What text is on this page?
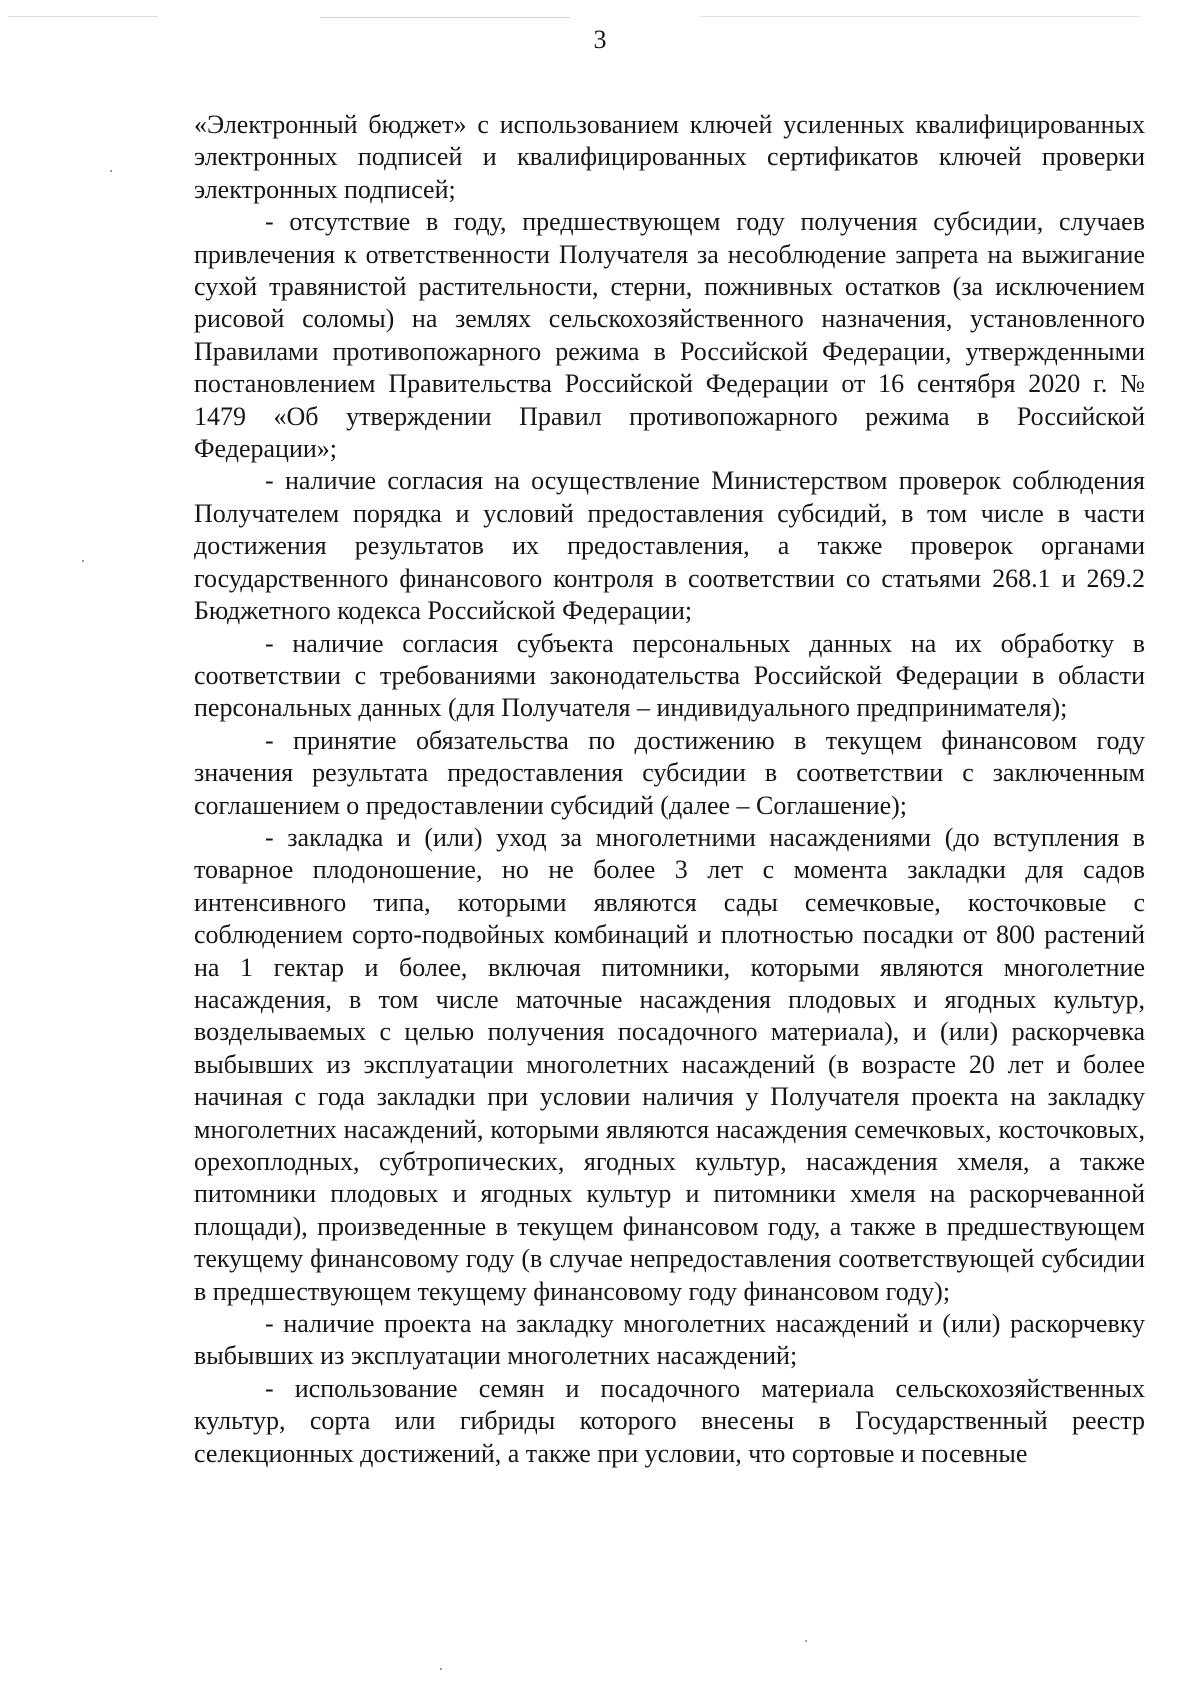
3

«Электронный бюджет» с использованием ключей усиленных квалифицированных электронных подписей и квалифицированных сертификатов ключей проверки электронных подписей;

- отсутствие в году, предшествующем году получения субсидии, случаев привлечения к ответственности Получателя за несоблюдение запрета на выжигание сухой травянистой растительности, стерни, пожнивных остатков (за исключением рисовой соломы) на землях сельскохозяйственного назначения, установленного Правилами противопожарного режима в Российской Федерации, утвержденными постановлением Правительства Российской Федерации от 16 сентября 2020 г. № 1479 «Об утверждении Правил противопожарного режима в Российской Федерации»;

- наличие согласия на осуществление Министерством проверок соблюдения Получателем порядка и условий предоставления субсидий, в том числе в части достижения результатов их предоставления, а также проверок органами государственного финансового контроля в соответствии со статьями 268.1 и 269.2 Бюджетного кодекса Российской Федерации;

- наличие согласия субъекта персональных данных на их обработку в соответствии с требованиями законодательства Российской Федерации в области персональных данных (для Получателя – индивидуального предпринимателя);

- принятие обязательства по достижению в текущем финансовом году значения результата предоставления субсидии в соответствии с заключенным соглашением о предоставлении субсидий (далее – Соглашение);

- закладка и (или) уход за многолетними насаждениями (до вступления в товарное плодоношение, но не более 3 лет с момента закладки для садов интенсивного типа, которыми являются сады семечковые, косточковые с соблюдением сорто-подвойных комбинаций и плотностью посадки от 800 растений на 1 гектар и более, включая питомники, которыми являются многолетние насаждения, в том числе маточные насаждения плодовых и ягодных культур, возделываемых с целью получения посадочного материала), и (или) раскорчевка выбывших из эксплуатации многолетних насаждений (в возрасте 20 лет и более начиная с года закладки при условии наличия у Получателя проекта на закладку многолетних насаждений, которыми являются насаждения семечковых, косточковых, орехоплодных, субтропических, ягодных культур, насаждения хмеля, а также питомники плодовых и ягодных культур и питомники хмеля на раскорчеванной площади), произведенные в текущем финансовом году, а также в предшествующем текущему финансовому году (в случае непредоставления соответствующей субсидии в предшествующем текущему финансовому году финансовом году);

- наличие проекта на закладку многолетних насаждений и (или) раскорчевку выбывших из эксплуатации многолетних насаждений;

- использование семян и посадочного материала сельскохозяйственных культур, сорта или гибриды которого внесены в Государственный реестр селекционных достижений, а также при условии, что сортовые и посевные
